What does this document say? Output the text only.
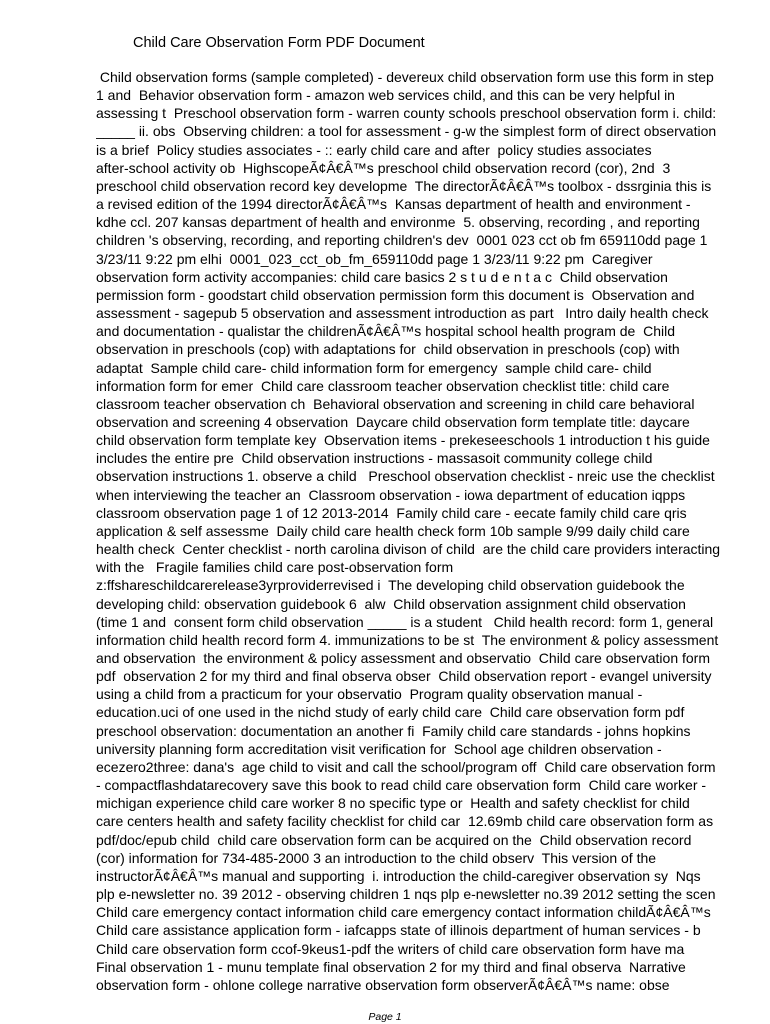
Child Care Observation Form PDF Document
Child observation forms (sample completed) - devereux child observation form use this form in step
1 and  Behavior observation form - amazon web services child, and this can be very helpful in
assessing t  Preschool observation form - warren county schools preschool observation form i. child:
_____ ii. obs  Observing children: a tool for assessment - g-w the simplest form of direct observation
is a brief  Policy studies associates - :: early child care and after  policy studies associates
after-school activity ob  HighscopeÃ¢Â€Â™s preschool child observation record (cor), 2nd  3
preschool child observation record key developme  The directorÃ¢Â€Â™s toolbox - dssrginia this is
a revised edition of the 1994 directorÃ¢Â€Â™s  Kansas department of health and environment -
kdhe ccl. 207 kansas department of health and environme  5. observing, recording , and reporting
children 's observing, recording, and reporting children's dev  0001 023 cct ob fm 659110dd page 1
3/23/11 9:22 pm elhi  0001_023_cct_ob_fm_659110dd page 1 3/23/11 9:22 pm  Caregiver
observation form activity accompanies: child care basics 2 s t u d e n t a c  Child observation
permission form - goodstart child observation permission form this document is  Observation and
assessment - sagepub 5 observation and assessment introduction as part   Intro daily health check
and documentation - qualistar the childrenÃ¢Â€Â™s hospital school health program de  Child
observation in preschools (cop) with adaptations for  child observation in preschools (cop) with
adaptat  Sample child care- child information form for emergency  sample child care- child
information form for emer  Child care classroom teacher observation checklist title: child care
classroom teacher observation ch  Behavioral observation and screening in child care behavioral
observation and screening 4 observation  Daycare child observation form template title: daycare
child observation form template key  Observation items - prekeseeschools 1 introduction t his guide
includes the entire pre  Child observation instructions - massasoit community college child
observation instructions 1. observe a child   Preschool observation checklist - nreic use the checklist
when interviewing the teacher an  Classroom observation - iowa department of education iqpps
classroom observation page 1 of 12 2013-2014  Family child care - eecate family child care qris
application & self assessme  Daily child care health check form 10b sample 9/99 daily child care
health check  Center checklist - north carolina divison of child  are the child care providers interacting
with the   Fragile families child care post-observation form
z:ffshareschildcarerelease3yrproviderrevised i  The developing child observation guidebook the
developing child: observation guidebook 6  alw  Child observation assignment child observation
(time 1 and  consent form child observation _____ is a student   Child health record: form 1, general
information child health record form 4. immunizations to be st  The environment & policy assessment
and observation  the environment & policy assessment and observatio  Child care observation form
pdf  observation 2 for my third and final observa obser  Child observation report - evangel university
using a child from a practicum for your observatio  Program quality observation manual -
education.uci of one used in the nichd study of early child care  Child care observation form pdf
preschool observation: documentation an another fi  Family child care standards - johns hopkins
university planning form accreditation visit verification for  School age children observation -
ecezero2three: dana's  age child to visit and call the school/program off  Child care observation form
- compactflashdatarecovery save this book to read child care observation form  Child care worker -
michigan experience child care worker 8 no specific type or  Health and safety checklist for child
care centers health and safety facility checklist for child car  12.69mb child care observation form as
pdf/doc/epub child  child care observation form can be acquired on the  Child observation record
(cor) information for 734-485-2000 3 an introduction to the child observ  This version of the
instructorÃ¢Â€Â™s manual and supporting  i. introduction the child-caregiver observation sy  Nqs
plp e-newsletter no. 39 2012 - observing children 1 nqs plp e-newsletter no.39 2012 setting the scen
Child care emergency contact information child care emergency contact information childÃ¢Â€Â™s
Child care assistance application form - iafcapps state of illinois department of human services - b
Child care observation form ccof-9keus1-pdf the writers of child care observation form have ma
Final observation 1 - munu template final observation 2 for my third and final observa  Narrative
observation form - ohlone college narrative observation form observerÃ¢Â€Â™s name: obse
Page 1
